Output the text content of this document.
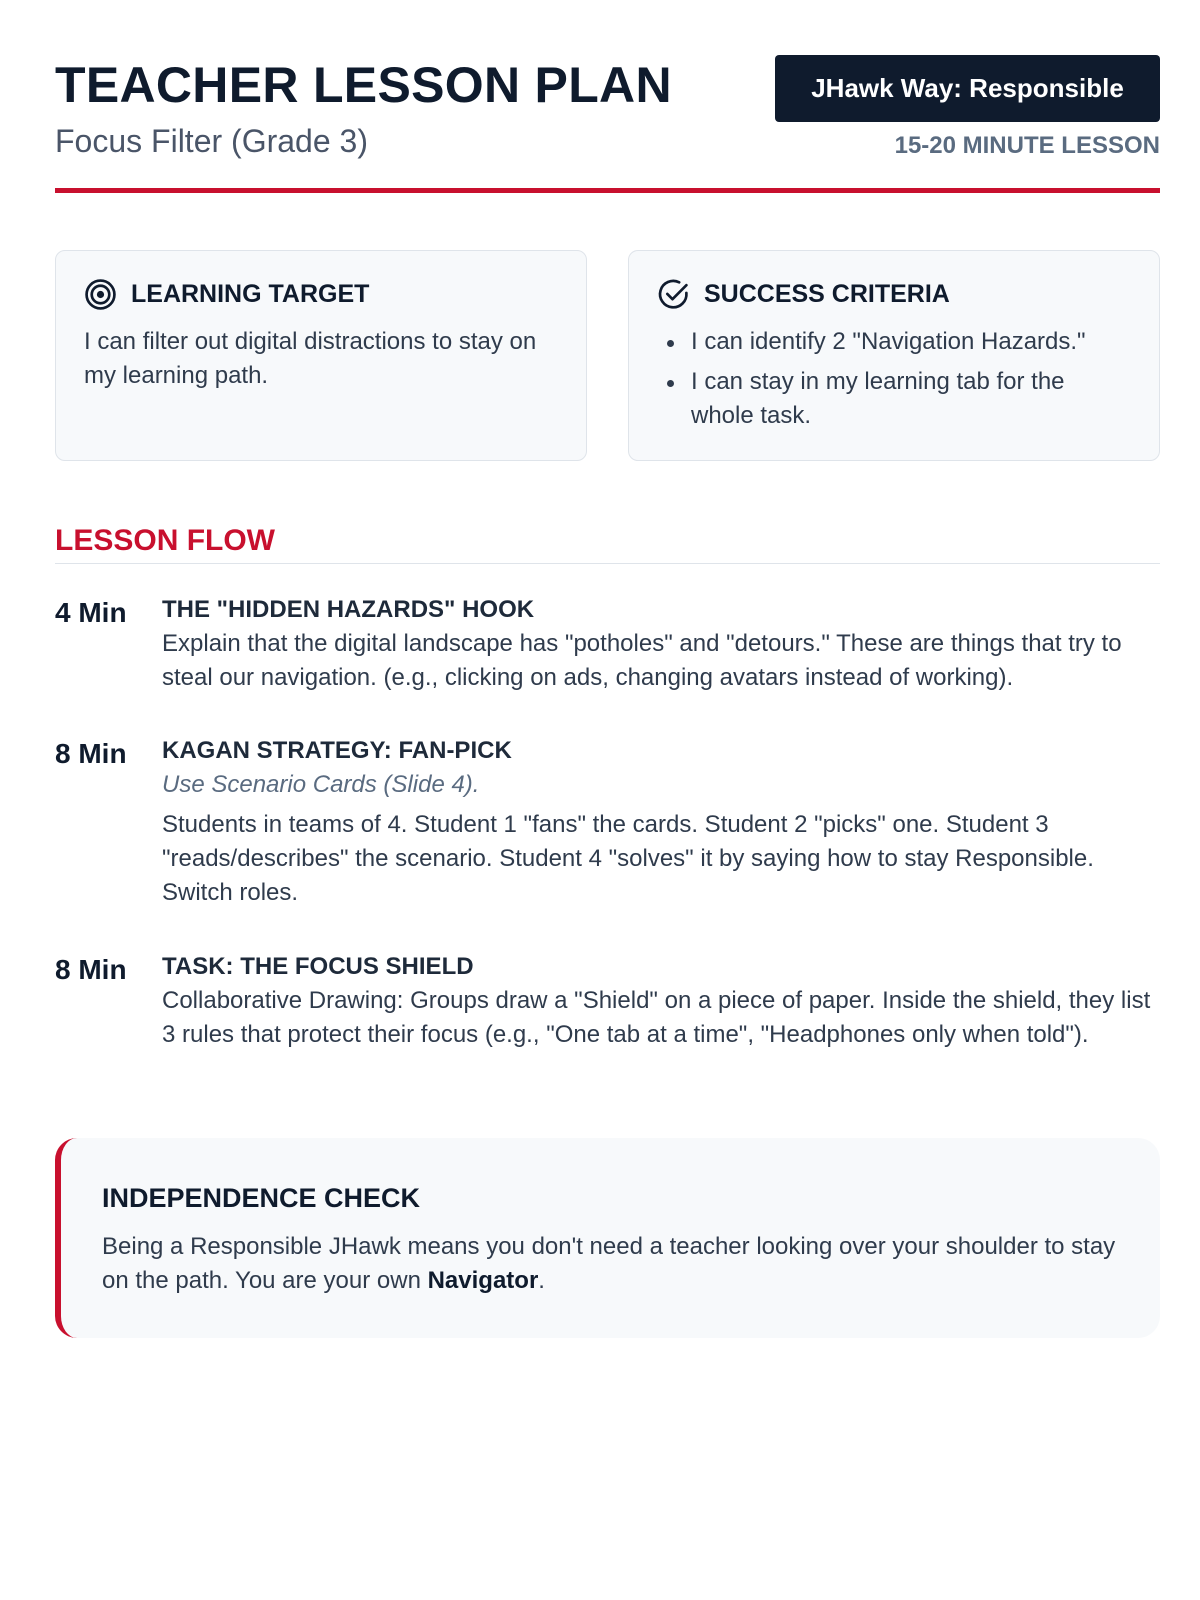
TEACHER LESSON PLAN
Focus Filter (Grade 3)
JHawk Way: Responsible
15-20 MINUTE LESSON
LEARNING TARGET

I can filter out digital distractions to stay on my learning path.

SUCCESS CRITERIA
I can identify 2 "Navigation Hazards."
I can stay in my learning tab for the whole task.
LESSON FLOW
4 Min THE "HIDDEN HAZARDS" HOOK
Explain that the digital landscape has "potholes" and "detours." These are things that try to steal our navigation. (e.g., clicking on ads, changing avatars instead of working).
8 Min KAGAN STRATEGY: FAN-PICK
Use Scenario Cards (Slide 4).
Students in teams of 4. Student 1 "fans" the cards. Student 2 "picks" one. Student 3 "reads/describes" the scenario. Student 4 "solves" it by saying how to stay Responsible. Switch roles.
8 Min TASK: THE FOCUS SHIELD
Collaborative Drawing: Groups draw a "Shield" on a piece of paper. Inside the shield, they list 3 rules that protect their focus (e.g., "One tab at a time", "Headphones only when told").
INDEPENDENCE CHECK

Being a Responsible JHawk means you don't need a teacher looking over your shoulder to stay on the path. You are your own Navigator.
